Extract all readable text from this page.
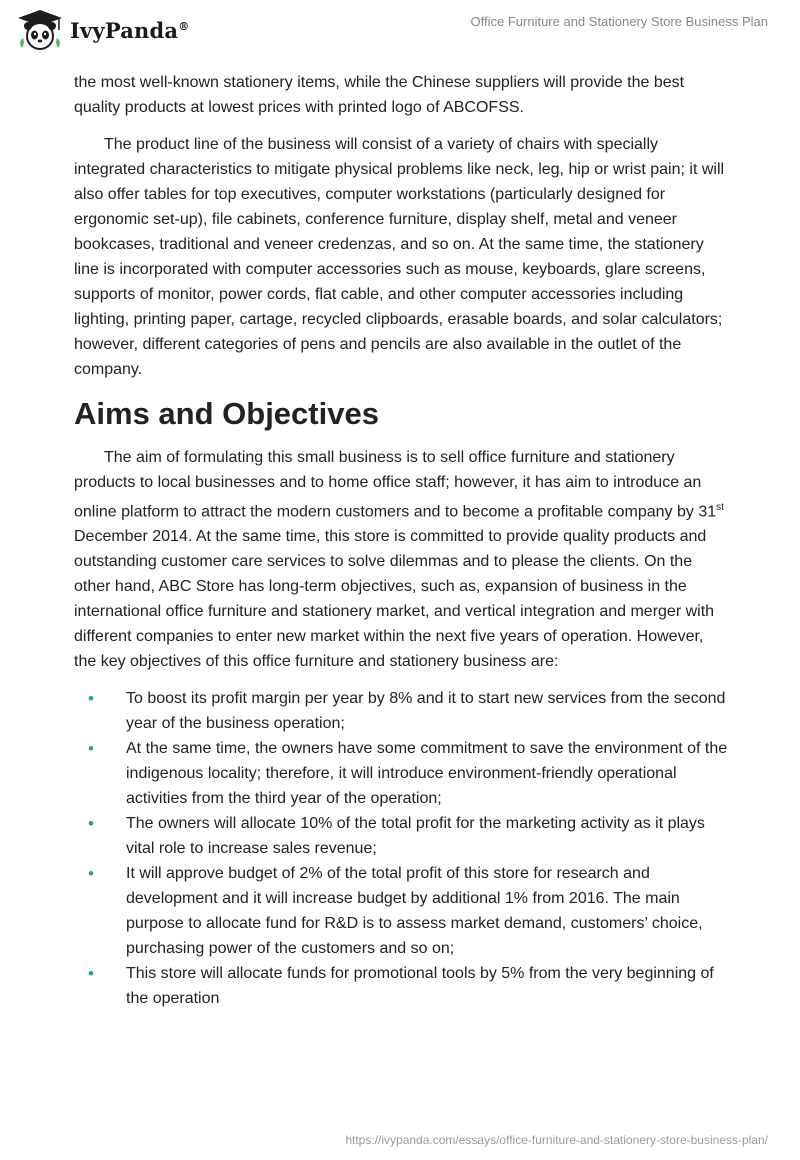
IvyPanda®	Office Furniture and Stationery Store Business Plan

the most well-known stationery items, while the Chinese suppliers will provide the best quality products at lowest prices with printed logo of ABCOFSS.

The product line of the business will consist of a variety of chairs with specially integrated characteristics to mitigate physical problems like neck, leg, hip or wrist pain; it will also offer tables for top executives, computer workstations (particularly designed for ergonomic set-up), file cabinets, conference furniture, display shelf, metal and veneer bookcases, traditional and veneer credenzas, and so on. At the same time, the stationery line is incorporated with computer accessories such as mouse, keyboards, glare screens, supports of monitor, power cords, flat cable, and other computer accessories including lighting, printing paper, cartage, recycled clipboards, erasable boards, and solar calculators; however, different categories of pens and pencils are also available in the outlet of the company.

Aims and Objectives

The aim of formulating this small business is to sell office furniture and stationery products to local businesses and to home office staff; however, it has aim to introduce an online platform to attract the modern customers and to become a profitable company by 31st December 2014. At the same time, this store is committed to provide quality products and outstanding customer care services to solve dilemmas and to please the clients. On the other hand, ABC Store has long-term objectives, such as, expansion of business in the international office furniture and stationery market, and vertical integration and merger with different companies to enter new market within the next five years of operation. However, the key objectives of this office furniture and stationery business are:

• To boost its profit margin per year by 8% and it to start new services from the second year of the business operation;
• At the same time, the owners have some commitment to save the environment of the indigenous locality; therefore, it will introduce environment-friendly operational activities from the third year of the operation;
• The owners will allocate 10% of the total profit for the marketing activity as it plays vital role to increase sales revenue;
• It will approve budget of 2% of the total profit of this store for research and development and it will increase budget by additional 1% from 2016. The main purpose to allocate fund for R&D is to assess market demand, customers’ choice, purchasing power of the customers and so on;
• This store will allocate funds for promotional tools by 5% from the very beginning of the operation
https://ivypanda.com/essays/office-furniture-and-stationery-store-business-plan/
